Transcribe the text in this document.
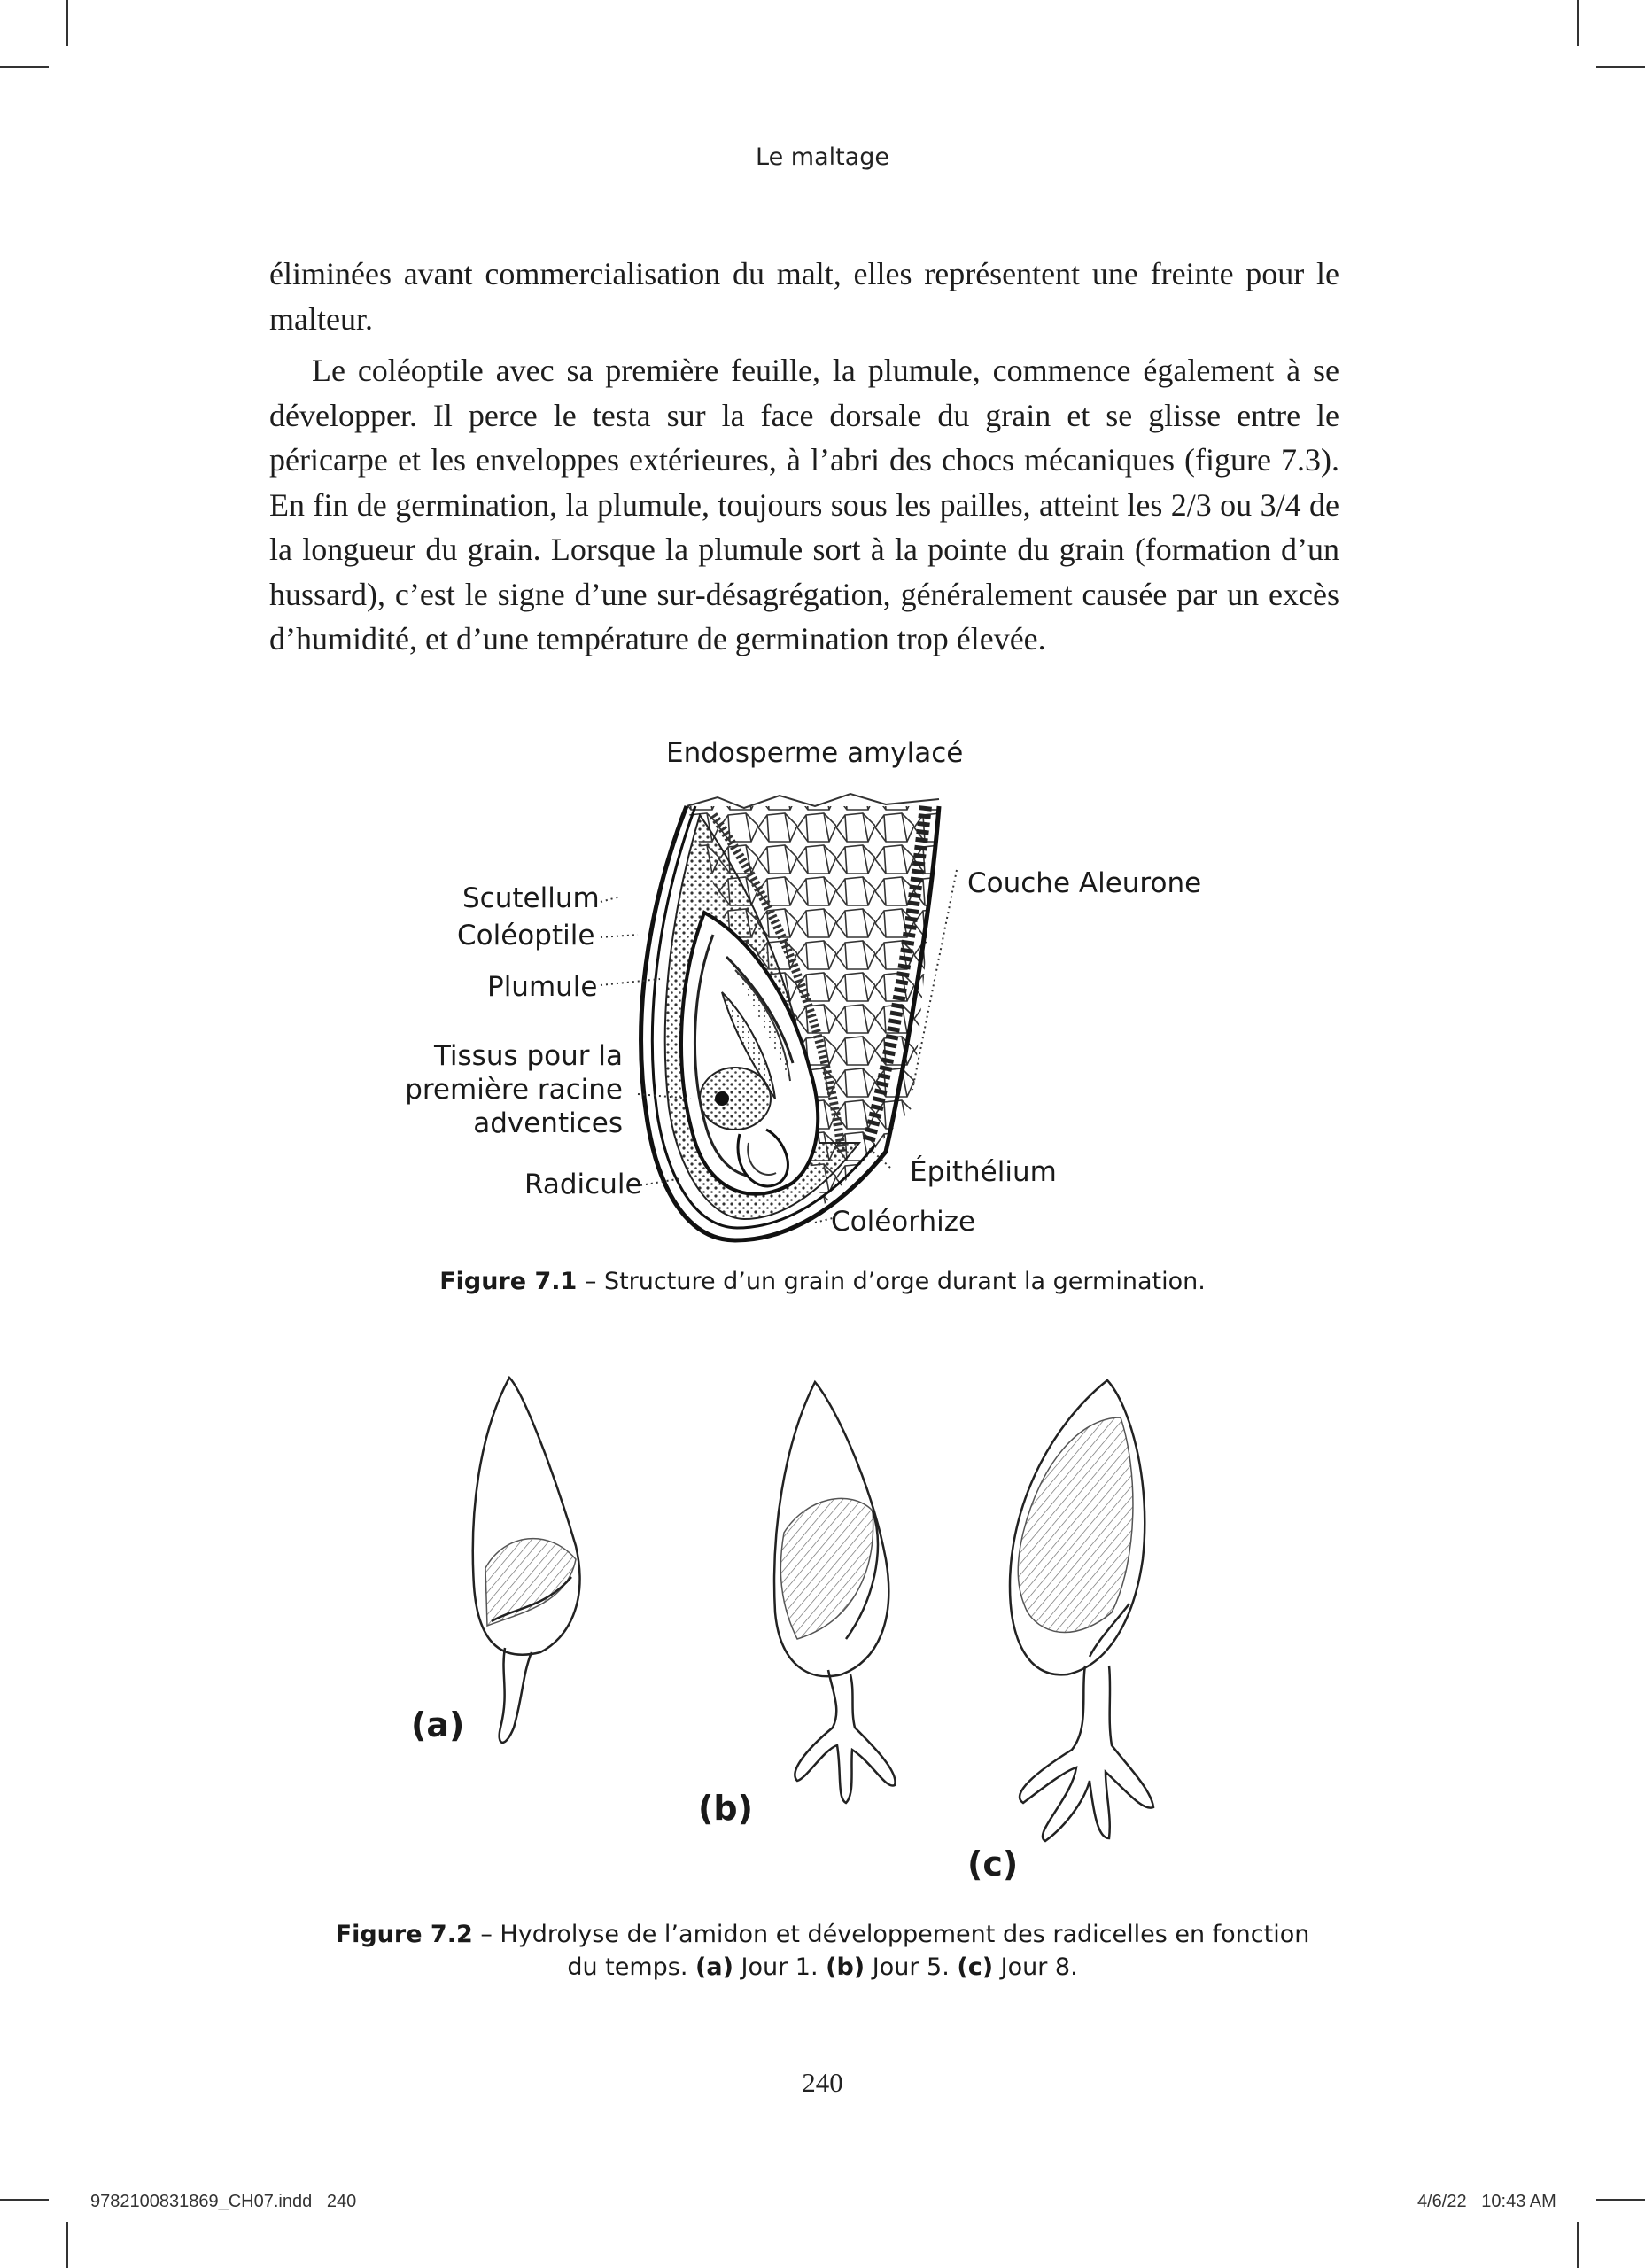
Le maltage

éliminées avant commercialisation du malt, elles représentent une freinte pour le malteur.

Le coléoptile avec sa première feuille, la plumule, commence également à se développer. Il perce le testa sur la face dorsale du grain et se glisse entre le péricarpe et les enveloppes extérieures, à l’abri des chocs mécaniques (figure 7.3). En fin de germination, la plumule, toujours sous les pailles, atteint les 2/3 ou 3/4 de la longueur du grain. Lorsque la plumule sort à la pointe du grain (formation d’un hussard), c’est le signe d’une sur-désagrégation, généralement causée par un excès d’humidité, et d’une température de germination trop élevée.

Endosperme amylacé
Couche Aleurone
Scutellum
Coléoptile
Plumule
Tissus pour la
première racine
adventices
Radicule	Épithélium
Coléorhize
Figure 7.1 – Structure d’un grain d’orge durant la germination.
(a)
(b)
(c)
Figure 7.2 – Hydrolyse de l’amidon et développement des radicelles en fonction
du temps. (a) Jour 1. (b) Jour 5. (c) Jour 8.
240
9782100831869_CH07.indd   240	4/6/22   10:43 AM
